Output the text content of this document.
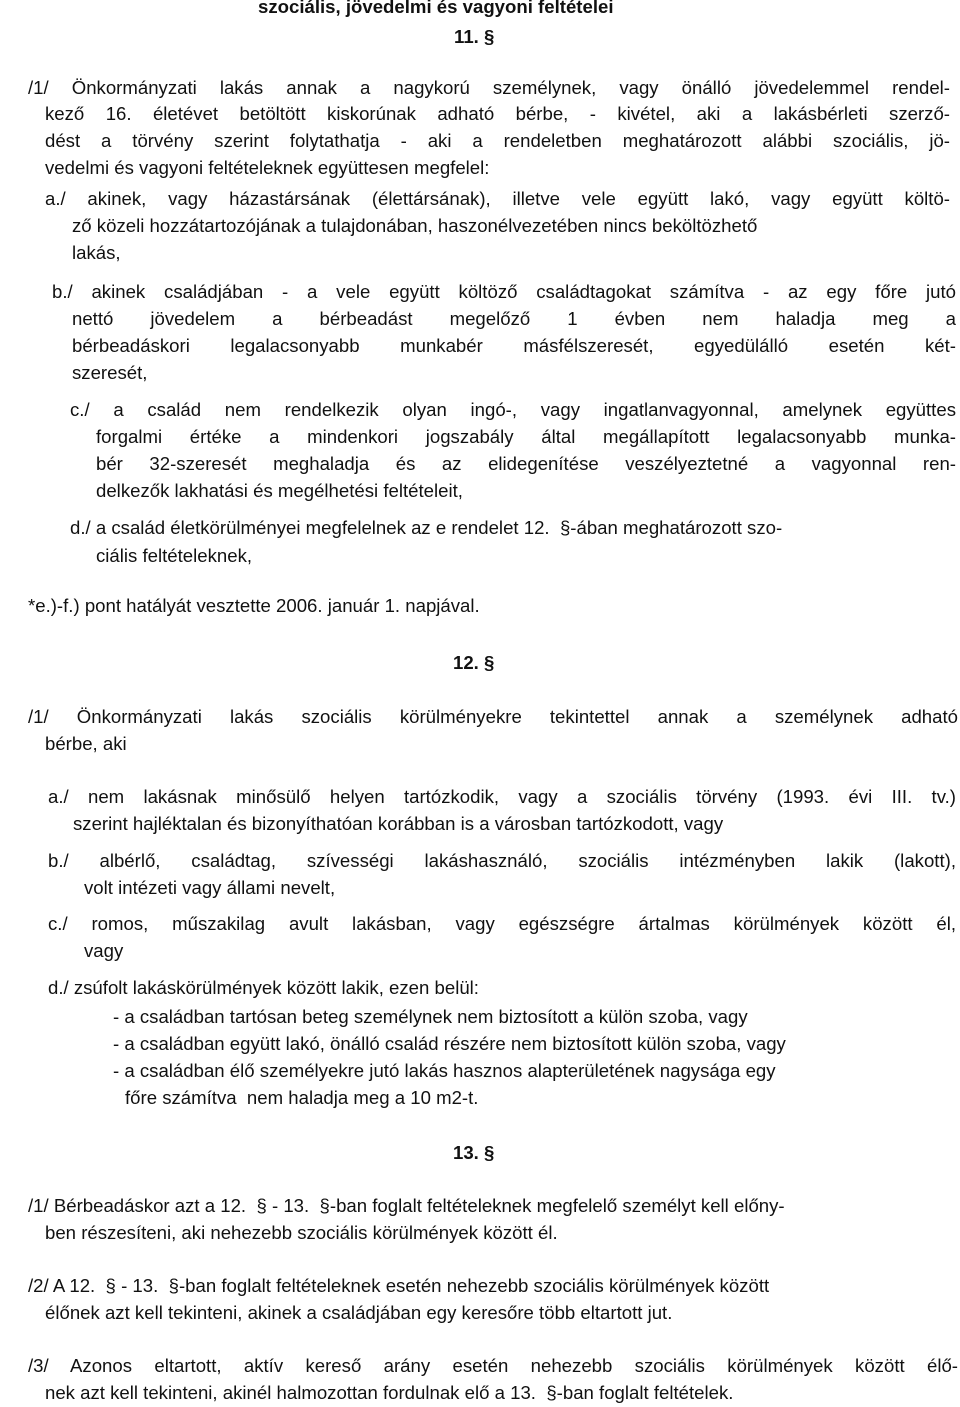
szociális, jövedelmi és vagyoni feltételei
11. §
/1/ Önkormányzati lakás annak a nagykorú személynek, vagy önálló jövedelemmel rendel-
kező 16. életévet betöltött kiskorúnak adható bérbe, - kivétel, aki a lakásbérleti szerző-
dést a törvény szerint folytathatja - aki a rendeletben meghatározott alábbi szociális, jö-
vedelmi és vagyoni feltételeknek együttesen megfelel:
a./ akinek, vagy házastársának (élettársának), illetve vele együtt lakó, vagy együtt költö-
ző közeli hozzátartozójának a tulajdonában, haszonélvezetében nincs beköltözhető
lakás,
b./ akinek családjában - a vele együtt költöző családtagokat számítva - az egy főre jutó
nettó jövedelem a bérbeadást megelőző 1 évben nem haladja meg a
bérbeadáskori legalacsonyabb munkabér másfélszeresét, egyedülálló esetén két-
szeresét,
c./ a család nem rendelkezik olyan ingó-, vagy ingatlanvagyonnal, amelynek együttes
forgalmi értéke a mindenkori jogszabály által megállapított legalacsonyabb munka-
bér 32-szeresét meghaladja és az elidegenítése veszélyeztetné a vagyonnal ren-
delkezők lakhatási és megélhetési feltételeit,
d./ a család életkörülményei megfelelnek az e rendelet 12. §-ában meghatározott szo-
ciális feltételeknek,
*e.)-f.) pont hatályát vesztette 2006. január 1. napjával.
12. §
/1/ Önkormányzati lakás szociális körülményekre tekintettel annak a személynek adható
bérbe, aki
a./ nem lakásnak minősülő helyen tartózkodik, vagy a szociális törvény (1993. évi III. tv.)
szerint hajléktalan és bizonyíthatóan korábban is a városban tartózkodott, vagy
b./ albérlő, családtag, szívességi lakáshasználó, szociális intézményben lakik (lakott),
volt intézeti vagy állami nevelt,
c./ romos, műszakilag avult lakásban, vagy egészségre ártalmas körülmények között él,
vagy
d./ zsúfolt lakáskörülmények között lakik, ezen belül:
- a családban tartósan beteg személynek nem biztosított a külön szoba, vagy
- a családban együtt lakó, önálló család részére nem biztosított külön szoba, vagy
- a családban élő személyekre jutó lakás hasznos alapterületének nagysága egy
főre számítva  nem haladja meg a 10 m2-t.
13. §
/1/ Bérbeadáskor azt a 12. § - 13. §-ban foglalt feltételeknek megfelelő személyt kell előny-
ben részesíteni, aki nehezebb szociális körülmények között él.
/2/ A 12. § - 13. §-ban foglalt feltételeknek esetén nehezebb szociális körülmények között
élőnek azt kell tekinteni, akinek a családjában egy keresőre több eltartott jut.
/3/ Azonos eltartott, aktív kereső arány esetén nehezebb szociális körülmények között élő-
nek azt kell tekinteni, akinél halmozottan fordulnak elő a 13. §-ban foglalt feltételek.
